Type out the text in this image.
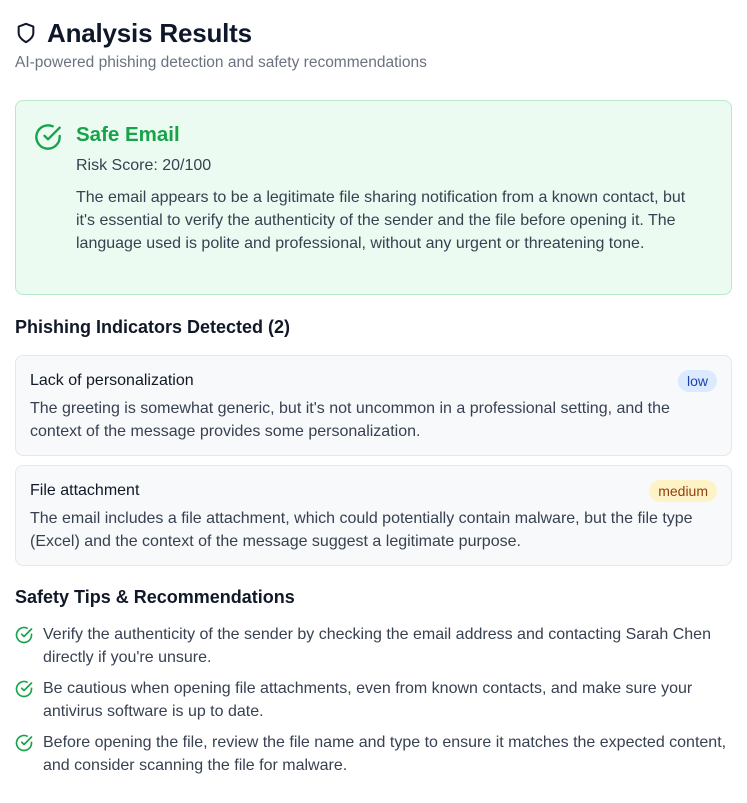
Analysis Results
AI-powered phishing detection and safety recommendations
Safe Email
Risk Score: 20/100

The email appears to be a legitimate file sharing notification from a known contact, but it's essential to verify the authenticity of the sender and the file before opening it. The language used is polite and professional, without any urgent or threatening tone.

Phishing Indicators Detected (2)
Lack of personalization	low

The greeting is somewhat generic, but it's not uncommon in a professional setting, and the context of the message provides some personalization.

File attachment	medium

The email includes a file attachment, which could potentially contain malware, but the file type (Excel) and the context of the message suggest a legitimate purpose.

Safety Tips & Recommendations
Verify the authenticity of the sender by checking the email address and contacting Sarah Chen directly if you're unsure.
Be cautious when opening file attachments, even from known contacts, and make sure your antivirus software is up to date.
Before opening the file, review the file name and type to ensure it matches the expected content, and consider scanning the file for malware.
